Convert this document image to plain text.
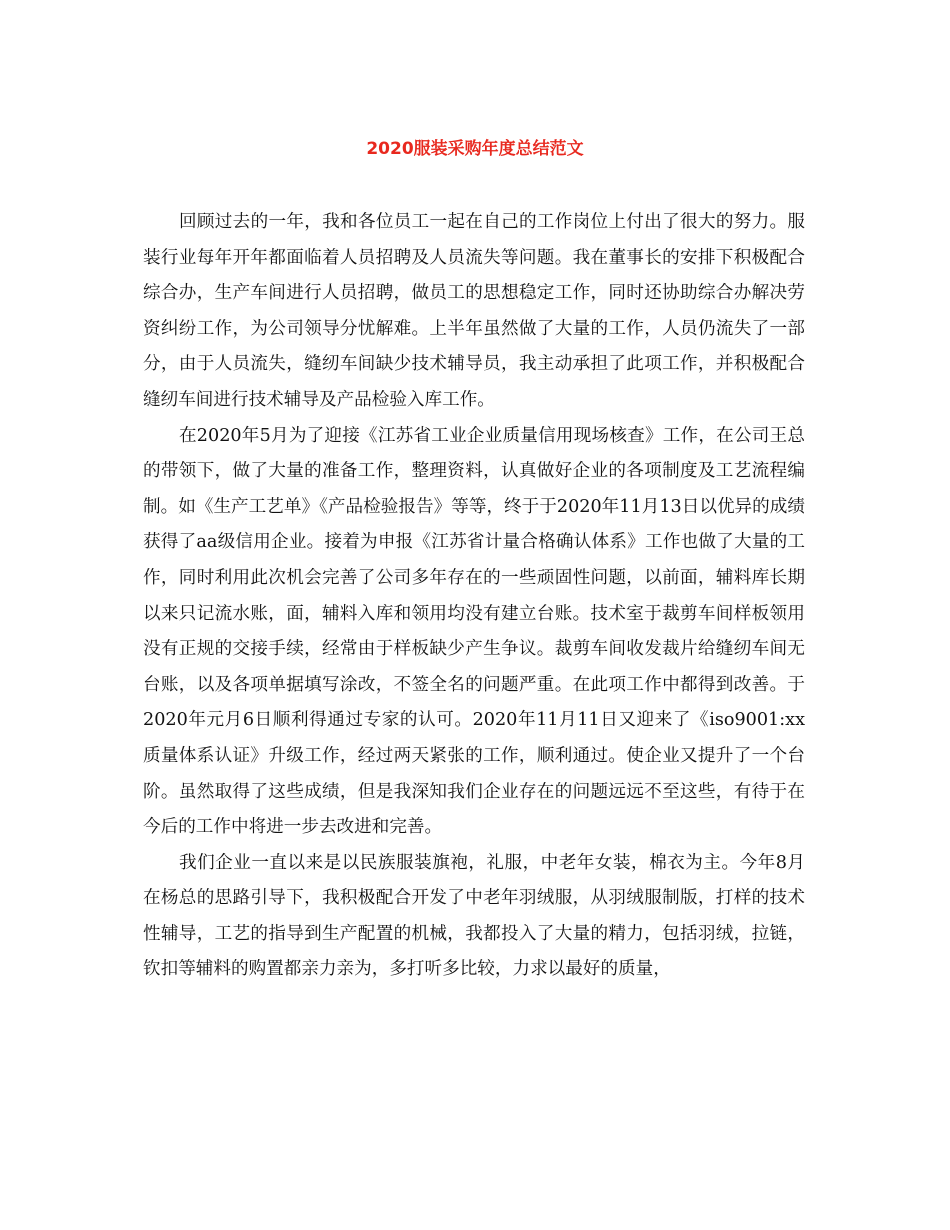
2020服装采购年度总结范文

回顾过去的一年，我和各位员工一起在自己的工作岗位上付出了很大的努力。服装行业每年开年都面临着人员招聘及人员流失等问题。我在董事长的安排下积极配合综合办，生产车间进行人员招聘，做员工的思想稳定工作，同时还协助综合办解决劳资纠纷工作，为公司领导分忧解难。上半年虽然做了大量的工作，人员仍流失了一部分，由于人员流失，缝纫车间缺少技术辅导员，我主动承担了此项工作，并积极配合缝纫车间进行技术辅导及产品检验入库工作。

在2020年5月为了迎接《江苏省工业企业质量信用现场核查》工作，在公司王总的带领下，做了大量的准备工作，整理资料，认真做好企业的各项制度及工艺流程编制。如《生产工艺单》《产品检验报告》等等，终于于2020年11月13日以优异的成绩获得了aa级信用企业。接着为申报《江苏省计量合格确认体系》工作也做了大量的工作，同时利用此次机会完善了公司多年存在的一些顽固性问题，以前面，辅料库长期以来只记流水账，面，辅料入库和领用均没有建立台账。技术室于裁剪车间样板领用没有正规的交接手续，经常由于样板缺少产生争议。裁剪车间收发裁片给缝纫车间无台账，以及各项单据填写涂改，不签全名的问题严重。在此项工作中都得到改善。于2020年元月6日顺利得通过专家的认可。2020年11月11日又迎来了《iso9001:xx质量体系认证》升级工作，经过两天紧张的工作，顺利通过。使企业又提升了一个台阶。虽然取得了这些成绩，但是我深知我们企业存在的问题远远不至这些，有待于在今后的工作中将进一步去改进和完善。

我们企业一直以来是以民族服装旗袍，礼服，中老年女装，棉衣为主。今年8月在杨总的思路引导下，我积极配合开发了中老年羽绒服，从羽绒服制版，打样的技术性辅导，工艺的指导到生产配置的机械，我都投入了大量的精力，包括羽绒，拉链，钦扣等辅料的购置都亲力亲为，多打听多比较，力求以最好的质量，
